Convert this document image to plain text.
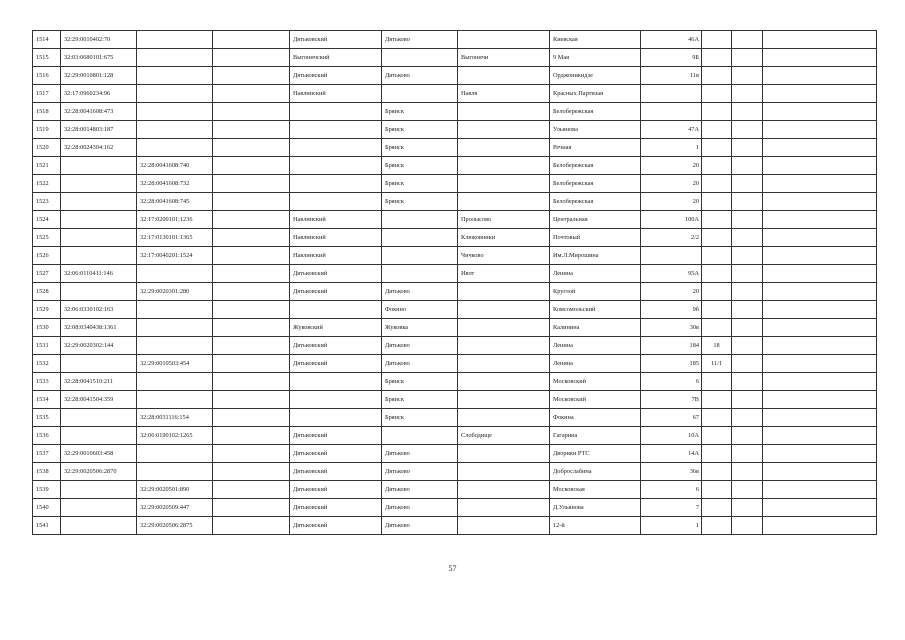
1514	32:29:0010402:70			Дятьковский	Дятьково		Киевская	46А			
1515	32:03:0680101:675			Выгоничский		Выгоничи	9 Мая	9Б			
1516	32:29:0010801:128			Дятьковский	Дятьково		Орджоникидзе	11в			
1517	32:17:0960234:96			Навлинский		Навля	Красных Партизан				
1518	32:28:0041608:473				Брянск		Белобережская				
1519	32:28:0014803:187				Брянск		Ульянова	47А			
1520	32:28:0024304:162				Брянск		Речная	1			
1521		32:28:0041608:740			Брянск		Белобережская	20			
1522		32:28:0041608:732			Брянск		Белобережская	20			
1523		32:28:0041608:745			Брянск		Белобережская	20			
1524		32:17:0200101:1236		Навлинский		Пролысово	Центральная	100А			
1525		32:17:0130101:1365		Навлинский		Клюковники	Почтовый	2/2			
1526		32:17:0040201:1524		Навлинский		Чичково	Им.Л.Мирошина				
1527	32:06:0110411:146			Дятьковский		Ивот	Ленина	95А			
1528		32:29:0020301:280		Дятьковский	Дятьково		Круглой	20			
1529	32:06:0330102:163				Фокино		Комсомольский	9б			
1530	32:08:0340438:1361			Жуковский	Жуковка		Калинина	30в			
1531	32:29:0020302:144			Дятьковский	Дятьково		Ленина	184	18		
1532		32:29:0010503:454		Дятьковский	Дятьково		Ленина	185	11/1		
1533	32:28:0041510:211				Брянск		Московский	6			
1534	32:28:0041504:359				Брянск		Московский	7В			
1535		32:28:0031116:154			Брянск		Фокина	67			
1536		32:06:0190102:1265		Дятьковский		Слободище	Гагарина	10А			
1537	32:29:0010603:458			Дятьковский	Дятьково		Дворики РТС	14А			
1538	32:29:0020506:2870			Дятьковский	Дятьково		Доброслабина	36в			
1539		32:29:0020501:890		Дятьковский	Дятьково		Московская	6			
1540		32:29:0020509:447		Дятьковский	Дятьково		Д.Ульянова	7			
1541		32:29:0020506:2875		Дятьковский	Дятьково		12-й	1			
57
